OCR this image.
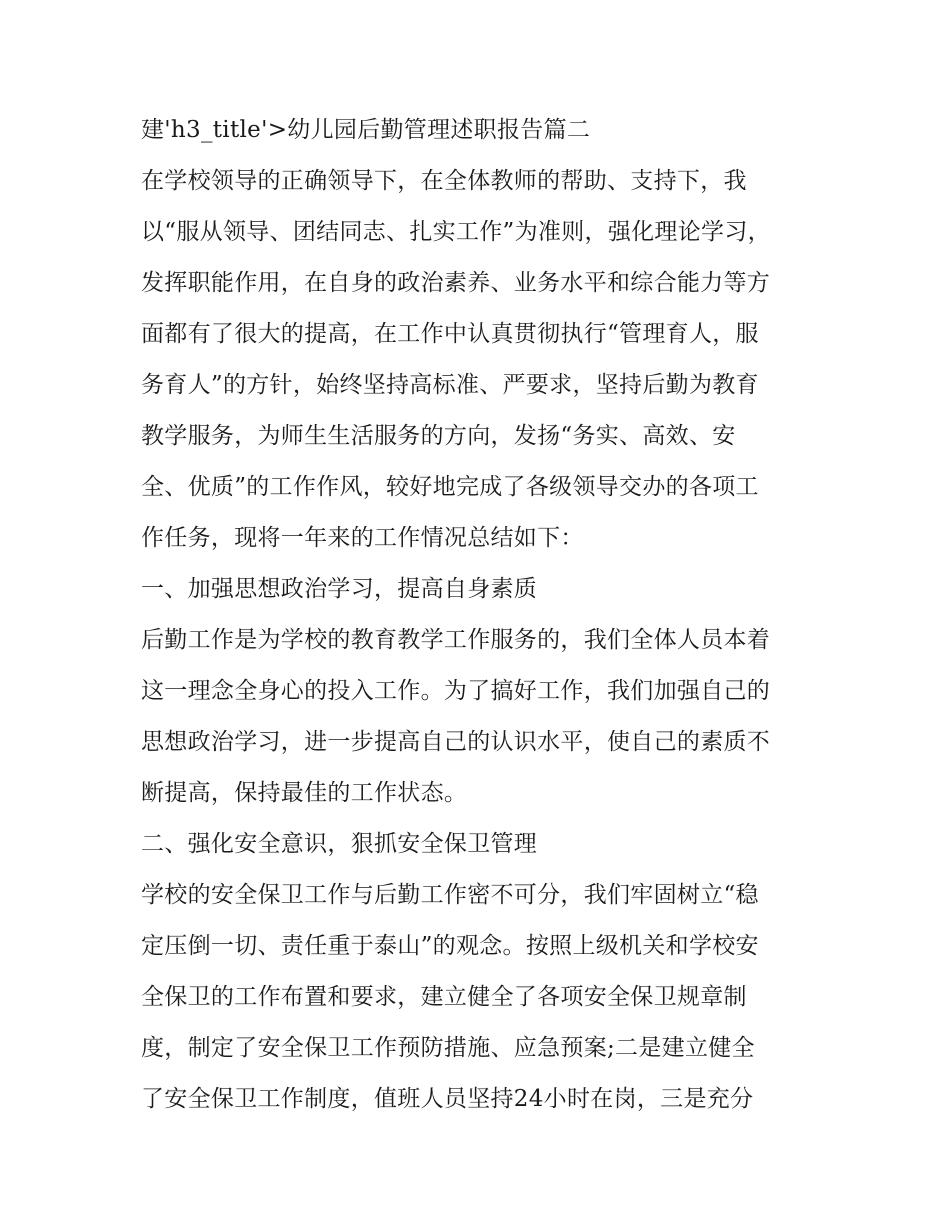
建'h3_title'>幼儿园后勤管理述职报告篇二
在学校领导的正确领导下，在全体教师的帮助、支持下，我
以“服从领导、团结同志、扎实工作”为准则，强化理论学习，
发挥职能作用，在自身的政治素养、业务水平和综合能力等方
面都有了很大的提高，在工作中认真贯彻执行“管理育人，服
务育人”的方针，始终坚持高标准、严要求，坚持后勤为教育
教学服务，为师生生活服务的方向，发扬“务实、高效、安
全、优质”的工作作风，较好地完成了各级领导交办的各项工
作任务，现将一年来的工作情况总结如下：
一、加强思想政治学习，提高自身素质
后勤工作是为学校的教育教学工作服务的，我们全体人员本着
这一理念全身心的投入工作。为了搞好工作，我们加强自己的
思想政治学习，进一步提高自己的认识水平，使自己的素质不
断提高，保持最佳的工作状态。
二、强化安全意识，狠抓安全保卫管理
学校的安全保卫工作与后勤工作密不可分，我们牢固树立“稳
定压倒一切、责任重于泰山”的观念。按照上级机关和学校安
全保卫的工作布置和要求，建立健全了各项安全保卫规章制
度，制定了安全保卫工作预防措施、应急预案;二是建立健全
了安全保卫工作制度，值班人员坚持24小时在岗，三是充分
